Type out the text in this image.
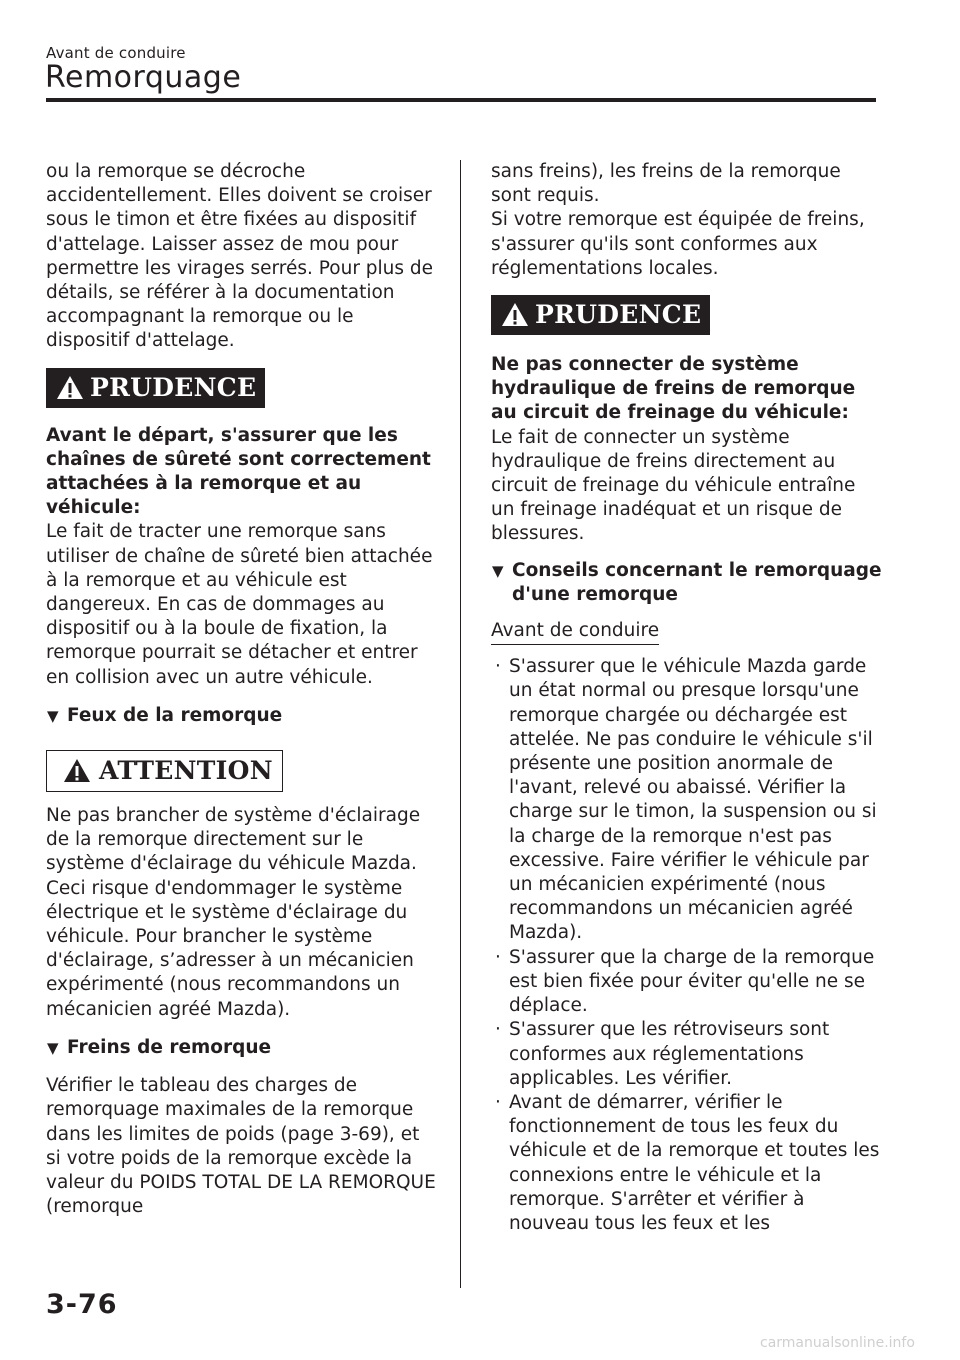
Avant de conduire
Remorquage

ou la remorque se décroche accidentellement. Elles doivent se croiser sous le timon et être fixées au dispositif d'attelage. Laisser assez de mou pour permettre les virages serrés. Pour plus de détails, se référer à la documentation accompagnant la remorque ou le dispositif d'attelage.

PRUDENCE

Avant le départ, s'assurer que les chaînes de sûreté sont correctement attachées à la remorque et au véhicule:

Le fait de tracter une remorque sans utiliser de chaîne de sûreté bien attachée à la remorque et au véhicule est dangereux. En cas de dommages au dispositif ou à la boule de fixation, la remorque pourrait se détacher et entrer en collision avec un autre véhicule.

▼ Feux de la remorque
ATTENTION

Ne pas brancher de système d'éclairage de la remorque directement sur le système d'éclairage du véhicule Mazda. Ceci risque d'endommager le système électrique et le système d'éclairage du véhicule. Pour brancher le système d'éclairage, s’adresser à un mécanicien expérimenté (nous recommandons un mécanicien agréé Mazda).

▼ Freins de remorque

Vérifier le tableau des charges de remorquage maximales de la remorque dans les limites de poids (page 3-69), et si votre poids de la remorque excède la valeur du POIDS TOTAL DE LA REMORQUE (remorque

sans freins), les freins de la remorque sont requis.

Si votre remorque est équipée de freins, s'assurer qu'ils sont conformes aux réglementations locales.

PRUDENCE

Ne pas connecter de système hydraulique de freins de remorque au circuit de freinage du véhicule:

Le fait de connecter un système hydraulique de freins directement au circuit de freinage du véhicule entraîne un freinage inadéquat et un risque de blessures.

▼ Conseils concernant le remorquage d'une remorque
Avant de conduire
· S'assurer que le véhicule Mazda garde un état normal ou presque lorsqu'une remorque chargée ou déchargée est attelée. Ne pas conduire le véhicule s'il présente une position anormale de l'avant, relevé ou abaissé. Vérifier la charge sur le timon, la suspension ou si la charge de la remorque n'est pas excessive. Faire vérifier le véhicule par un mécanicien expérimenté (nous recommandons un mécanicien agréé Mazda).
· S'assurer que la charge de la remorque est bien fixée pour éviter qu'elle ne se déplace.
· S'assurer que les rétroviseurs sont conformes aux réglementations applicables. Les vérifier.
· Avant de démarrer, vérifier le fonctionnement de tous les feux du véhicule et de la remorque et toutes les connexions entre le véhicule et la remorque. S'arrêter et vérifier à nouveau tous les feux et les
3-76
carmanualsonline.info
